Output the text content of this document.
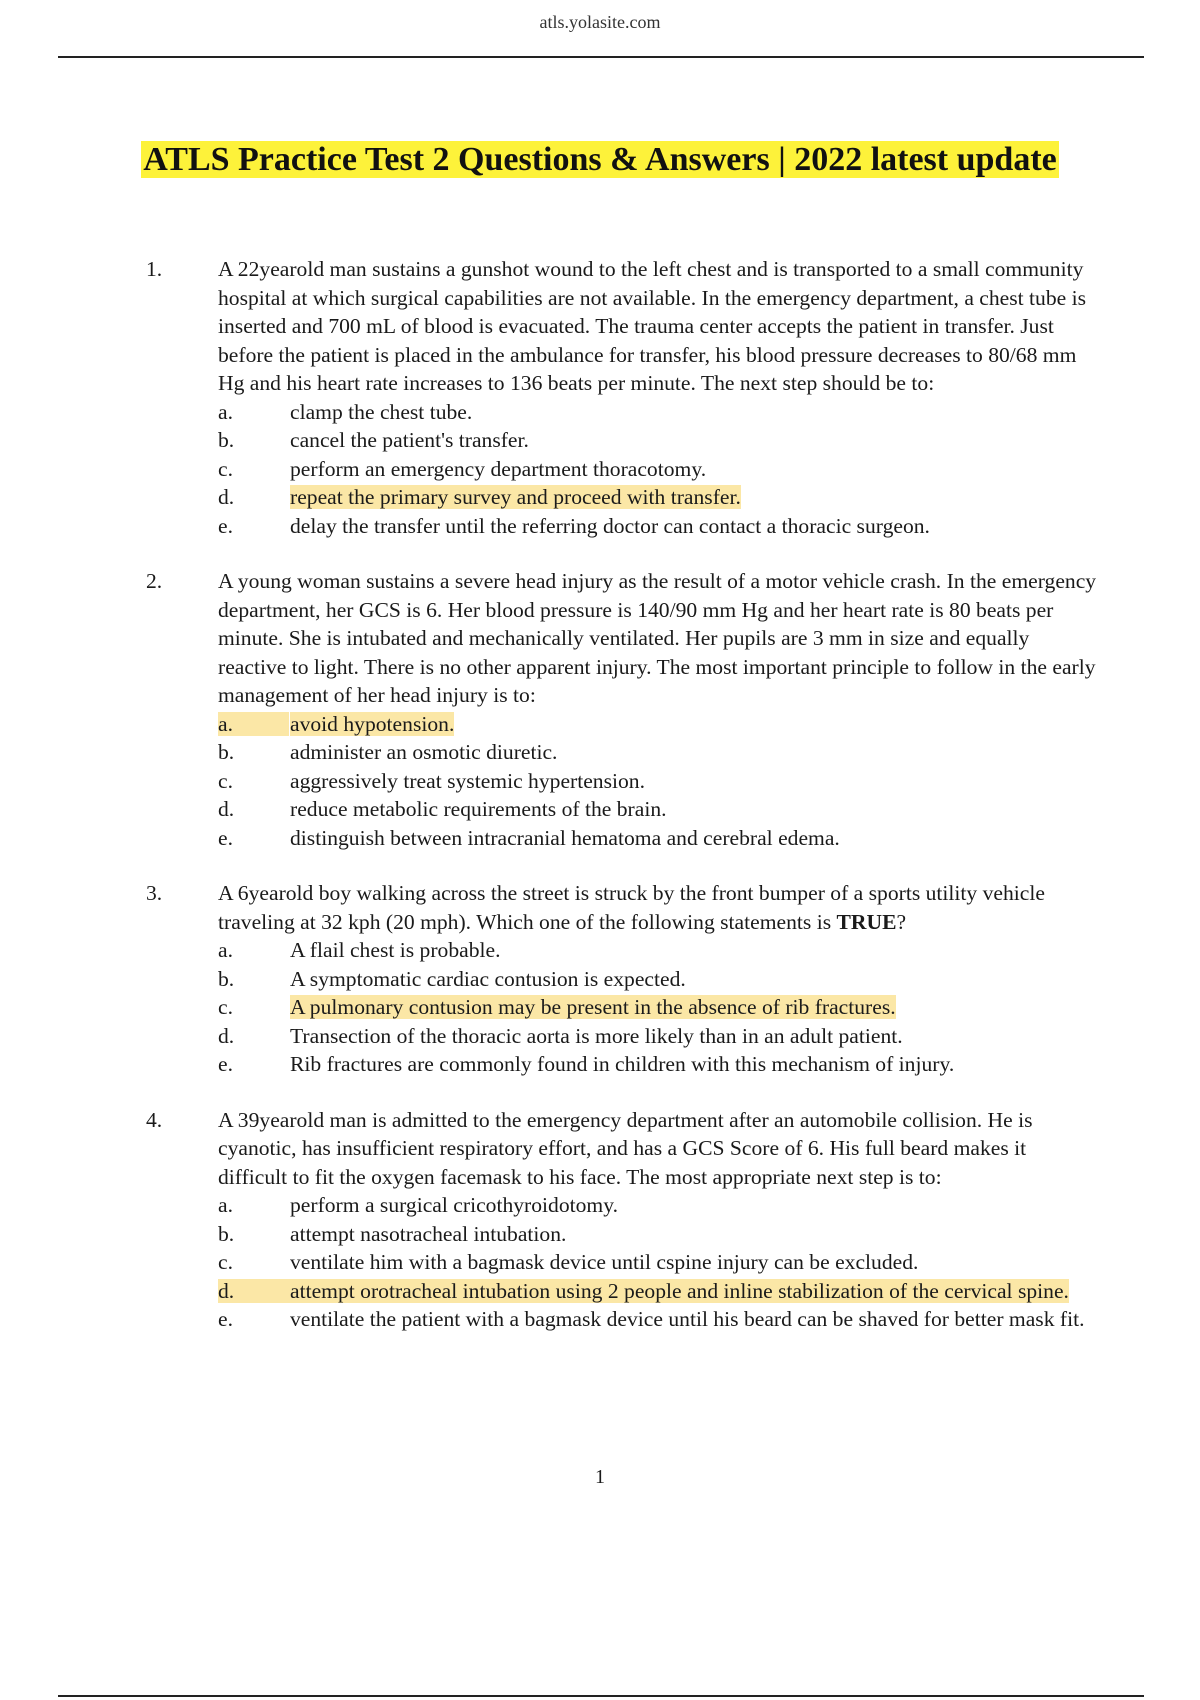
atls.yolasite.com
ATLS Practice Test 2 Questions & Answers | 2022 latest update
1.	A 22yearold man sustains a gunshot wound to the left chest and is transported to a small community hospital at which surgical capabilities are not available. In the emergency department, a chest tube is inserted and 700 mL of blood is evacuated. The trauma center accepts the patient in transfer. Just before the patient is placed in the ambulance for transfer, his blood pressure decreases to 80/68 mm Hg and his heart rate increases to 136 beats per minute. The next step should be to:
a.	clamp the chest tube.
b.	cancel the patient's transfer.
c.	perform an emergency department thoracotomy.
d.	repeat the primary survey and proceed with transfer.
e.	delay the transfer until the referring doctor can contact a thoracic surgeon.
2.	A young woman sustains a severe head injury as the result of a motor vehicle crash. In the emergency department, her GCS is 6. Her blood pressure is 140/90 mm Hg and her heart rate is 80 beats per minute. She is intubated and mechanically ventilated. Her pupils are 3 mm in size and equally reactive to light. There is no other apparent injury. The most important principle to follow in the early management of her head injury is to:
a.	avoid hypotension.
b.	administer an osmotic diuretic.
c.	aggressively treat systemic hypertension.
d.	reduce metabolic requirements of the brain.
e.	distinguish between intracranial hematoma and cerebral edema.
3.	A 6yearold boy walking across the street is struck by the front bumper of a sports utility vehicle traveling at 32 kph (20 mph). Which one of the following statements is TRUE?
a.	A flail chest is probable.
b.	A symptomatic cardiac contusion is expected.
c.	A pulmonary contusion may be present in the absence of rib fractures.
d.	Transection of the thoracic aorta is more likely than in an adult patient.
e.	Rib fractures are commonly found in children with this mechanism of injury.
4.	A 39yearold man is admitted to the emergency department after an automobile collision. He is cyanotic, has insufficient respiratory effort, and has a GCS Score of 6. His full beard makes it difficult to fit the oxygen facemask to his face. The most appropriate next step is to:
a.	perform a surgical cricothyroidotomy.
b.	attempt nasotracheal intubation.
c.	ventilate him with a bagmask device until cspine injury can be excluded.
d.	attempt orotracheal intubation using 2 people and inline stabilization of the cervical spine.
e.	ventilate the patient with a bagmask device until his beard can be shaved for better mask fit.
1
